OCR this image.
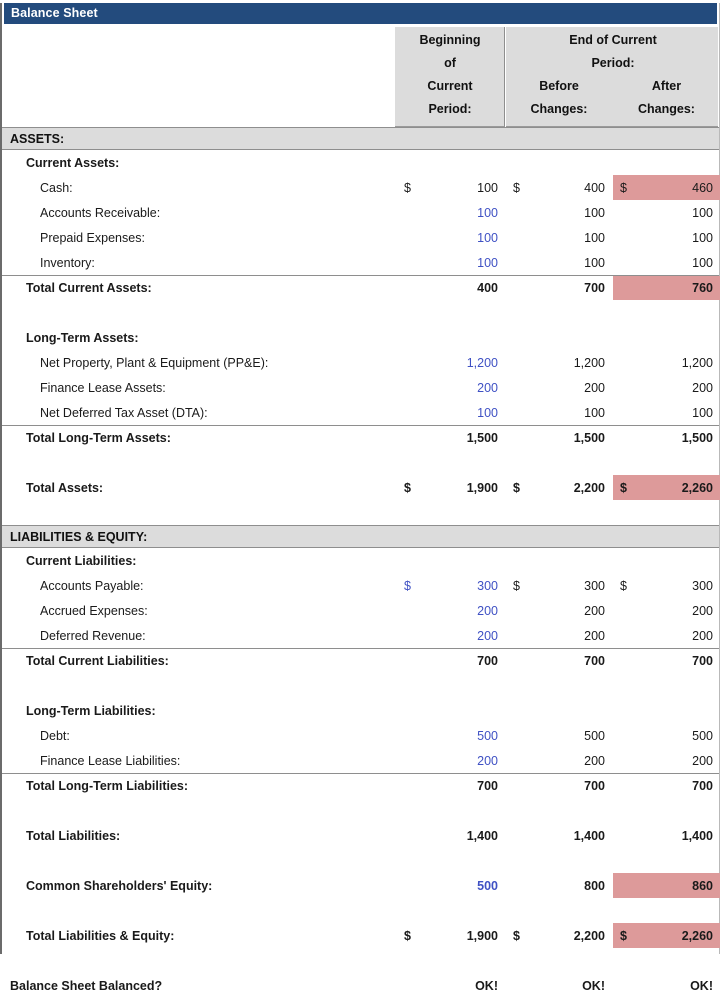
Balance Sheet
Beginning
of
Current
Period:
End of Current
Period:
Before
Changes:
After
Changes:
ASSETS:
Current Assets:
Cash:	$	100	$	400	$	460
Accounts Receivable:	100	100	100
Prepaid Expenses:	100	100	100
Inventory:	100	100	100
Total Current Assets:	400	700	760
Long-Term Assets:
Net Property, Plant & Equipment (PP&E):	1,200	1,200	1,200
Finance Lease Assets:	200	200	200
Net Deferred Tax Asset (DTA):	100	100	100
Total Long-Term Assets:	1,500	1,500	1,500
Total Assets:	$	1,900	$	2,200	$	2,260
LIABILITIES & EQUITY:
Current Liabilities:
Accounts Payable:	$	300	$	300	$	300
Accrued Expenses:	200	200	200
Deferred Revenue:	200	200	200
Total Current Liabilities:	700	700	700
Long-Term Liabilities:
Debt:	500	500	500
Finance Lease Liabilities:	200	200	200
Total Long-Term Liabilities:	700	700	700
Total Liabilities:	1,400	1,400	1,400
Common Shareholders' Equity:	500	800	860
Total Liabilities & Equity:	$	1,900	$	2,200	$	2,260
Balance Sheet Balanced?	OK!	OK!	OK!
